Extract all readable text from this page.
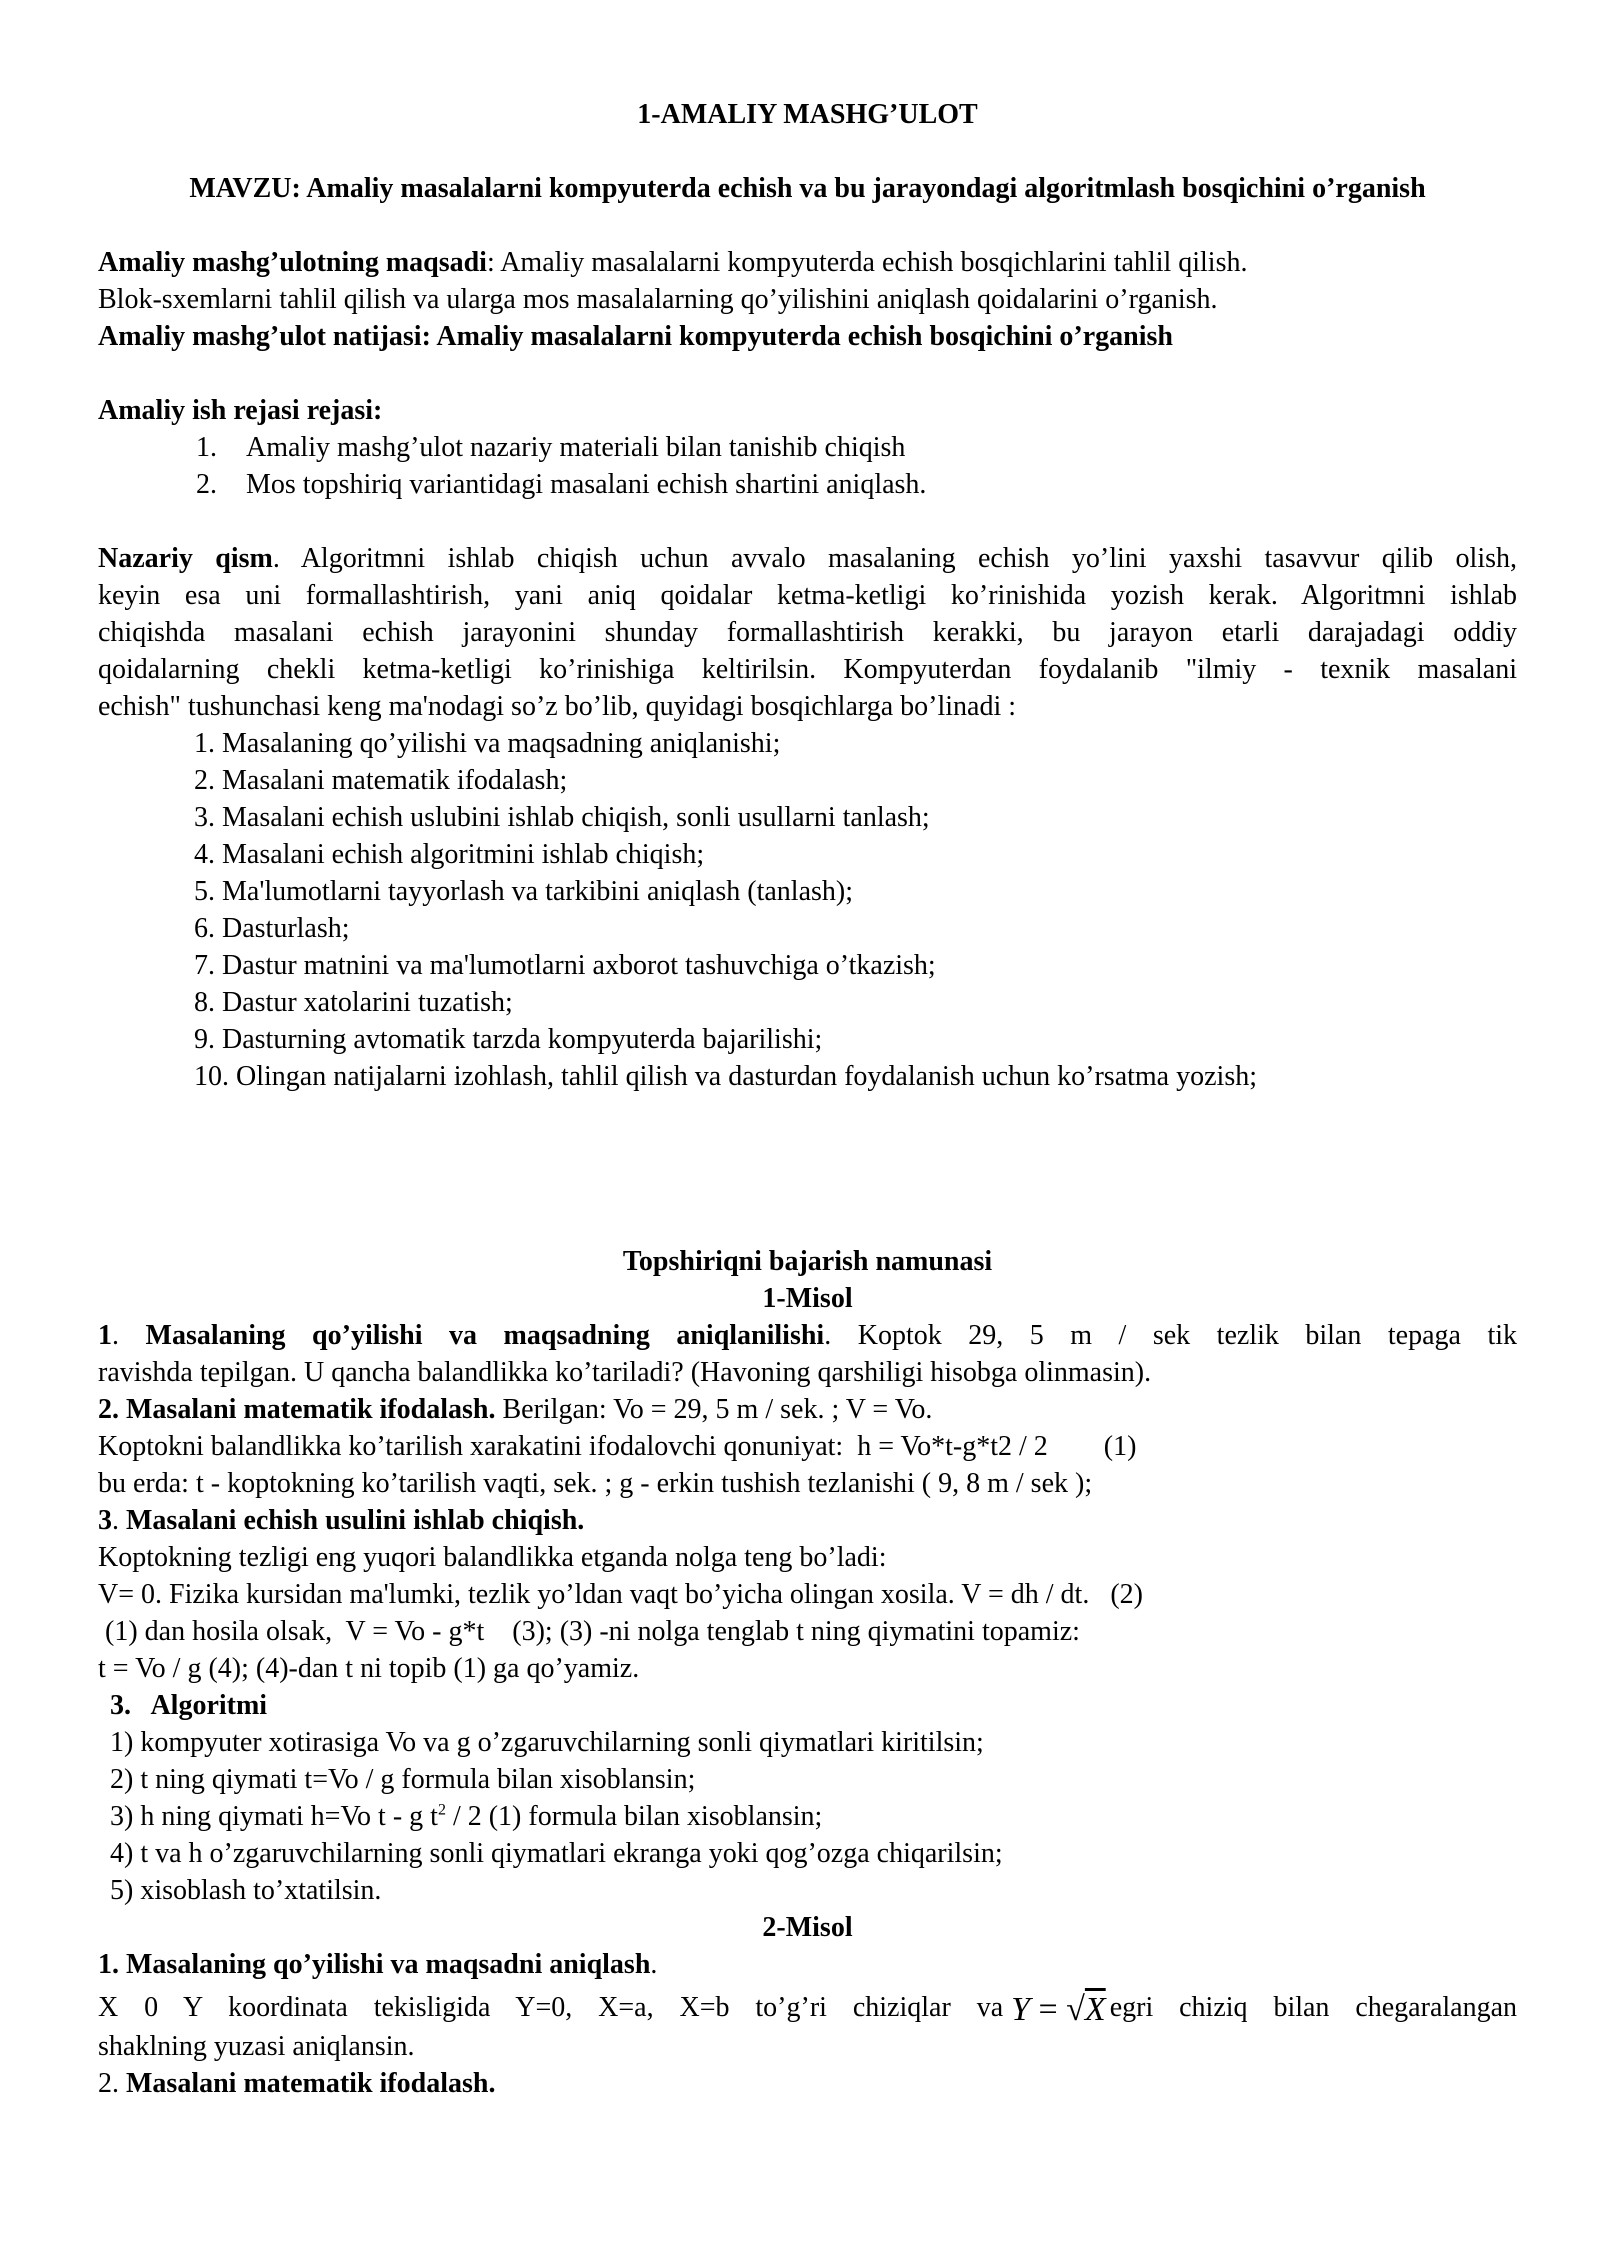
1-AMALIY MASHG’ULOT

MAVZU: Amaliy masalalarni kompyuterda echish va bu jarayondagi algoritmlash bosqichini o’rganish

Amaliy mashg’ulotning maqsadi: Amaliy masalalarni kompyuterda echish bosqichlarini tahlil qilish.

Blok-sxemlarni tahlil qilish va ularga mos masalalarning qo’yilishini aniqlash qoidalarini o’rganish.

Amaliy mashg’ulot natijasi: Amaliy masalalarni kompyuterda echish bosqichini o’rganish

Amaliy ish rejasi rejasi:

1. Amaliy mashg’ulot nazariy materiali bilan tanishib chiqish
2. Mos topshiriq variantidagi masalani echish shartini aniqlash.

Nazariy qism. Algoritmni ishlab chiqish uchun avvalo masalaning echish yo’lini yaxshi tasavvur qilib olish,

keyin esa uni formallashtirish, yani aniq qoidalar ketma-ketligi ko’rinishida yozish kerak. Algoritmni ishlab

chiqishda masalani echish jarayonini shunday formallashtirish kerakki, bu jarayon etarli darajadagi oddiy

qoidalarning chekli ketma-ketligi ko’rinishiga keltirilsin. Kompyuterdan foydalanib "ilmiy - texnik masalani

echish" tushunchasi keng ma'nodagi so’z bo’lib, quyidagi bosqichlarga bo’linadi :

1. Masalaning qo’yilishi va maqsadning aniqlanishi;

2. Masalani matematik ifodalash;

3. Masalani echish uslubini ishlab chiqish, sonli usullarni tanlash;

4. Masalani echish algoritmini ishlab chiqish;

5. Ma'lumotlarni tayyorlash va tarkibini aniqlash (tanlash);

6. Dasturlash;

7. Dastur matnini va ma'lumotlarni axborot tashuvchiga o’tkazish;

8. Dastur xatolarini tuzatish;

9. Dasturning avtomatik tarzda kompyuterda bajarilishi;

10. Olingan natijalarni izohlash, tahlil qilish va dasturdan foydalanish uchun ko’rsatma yozish;

Topshiriqni bajarish namunasi

1-Misol

1. Masalaning qo’yilishi va maqsadning aniqlanilishi. Koptok 29, 5 m / sek tezlik bilan tepaga tik

ravishda tepilgan. U qancha balandlikka ko’tariladi? (Havoning qarshiligi hisobga olinmasin).

2. Masalani matematik ifodalash. Berilgan: Vo = 29, 5 m / sek. ; V = Vo.

Koptokni balandlikka ko’tarilish xarakatini ifodalovchi qonuniyat:  h = Vo*t-g*t2 / 2        (1)

bu erda: t - koptokning ko’tarilish vaqti, sek. ; g - erkin tushish tezlanishi ( 9, 8 m / sek );

3. Masalani echish usulini ishlab chiqish.

Koptokning tezligi eng yuqori balandlikka etganda nolga teng bo’ladi:

V= 0. Fizika kursidan ma'lumki, tezlik yo’ldan vaqt bo’yicha olingan xosila. V = dh / dt.   (2)

(1) dan hosila olsak,  V = Vo - g*t    (3); (3) -ni nolga tenglab t ning qiymatini topamiz:

t = Vo / g (4); (4)-dan t ni topib (1) ga qo’yamiz.

3.   Algoritmi

1) kompyuter xotirasiga Vo va g o’zgaruvchilarning sonli qiymatlari kiritilsin;

2) t ning qiymati t=Vo / g formula bilan xisoblansin;

3) h ning qiymati h=Vo t - g $t^2 / 2$ (1) formula bilan xisoblansin;

4) t va h o’zgaruvchilarning sonli qiymatlari ekranga yoki qog’ozga chiqarilsin;

5) xisoblash to’xtatilsin.

2-Misol

1. Masalaning qo’yilishi va maqsadni aniqlash.

X 0 Y koordinata tekisligida Y=0, X=a, X=b to’g’ri chiziqlar va Y = √X egri chiziq bilan chegaralangan

shaklning yuzasi aniqlansin.

2. Masalani matematik ifodalash.
